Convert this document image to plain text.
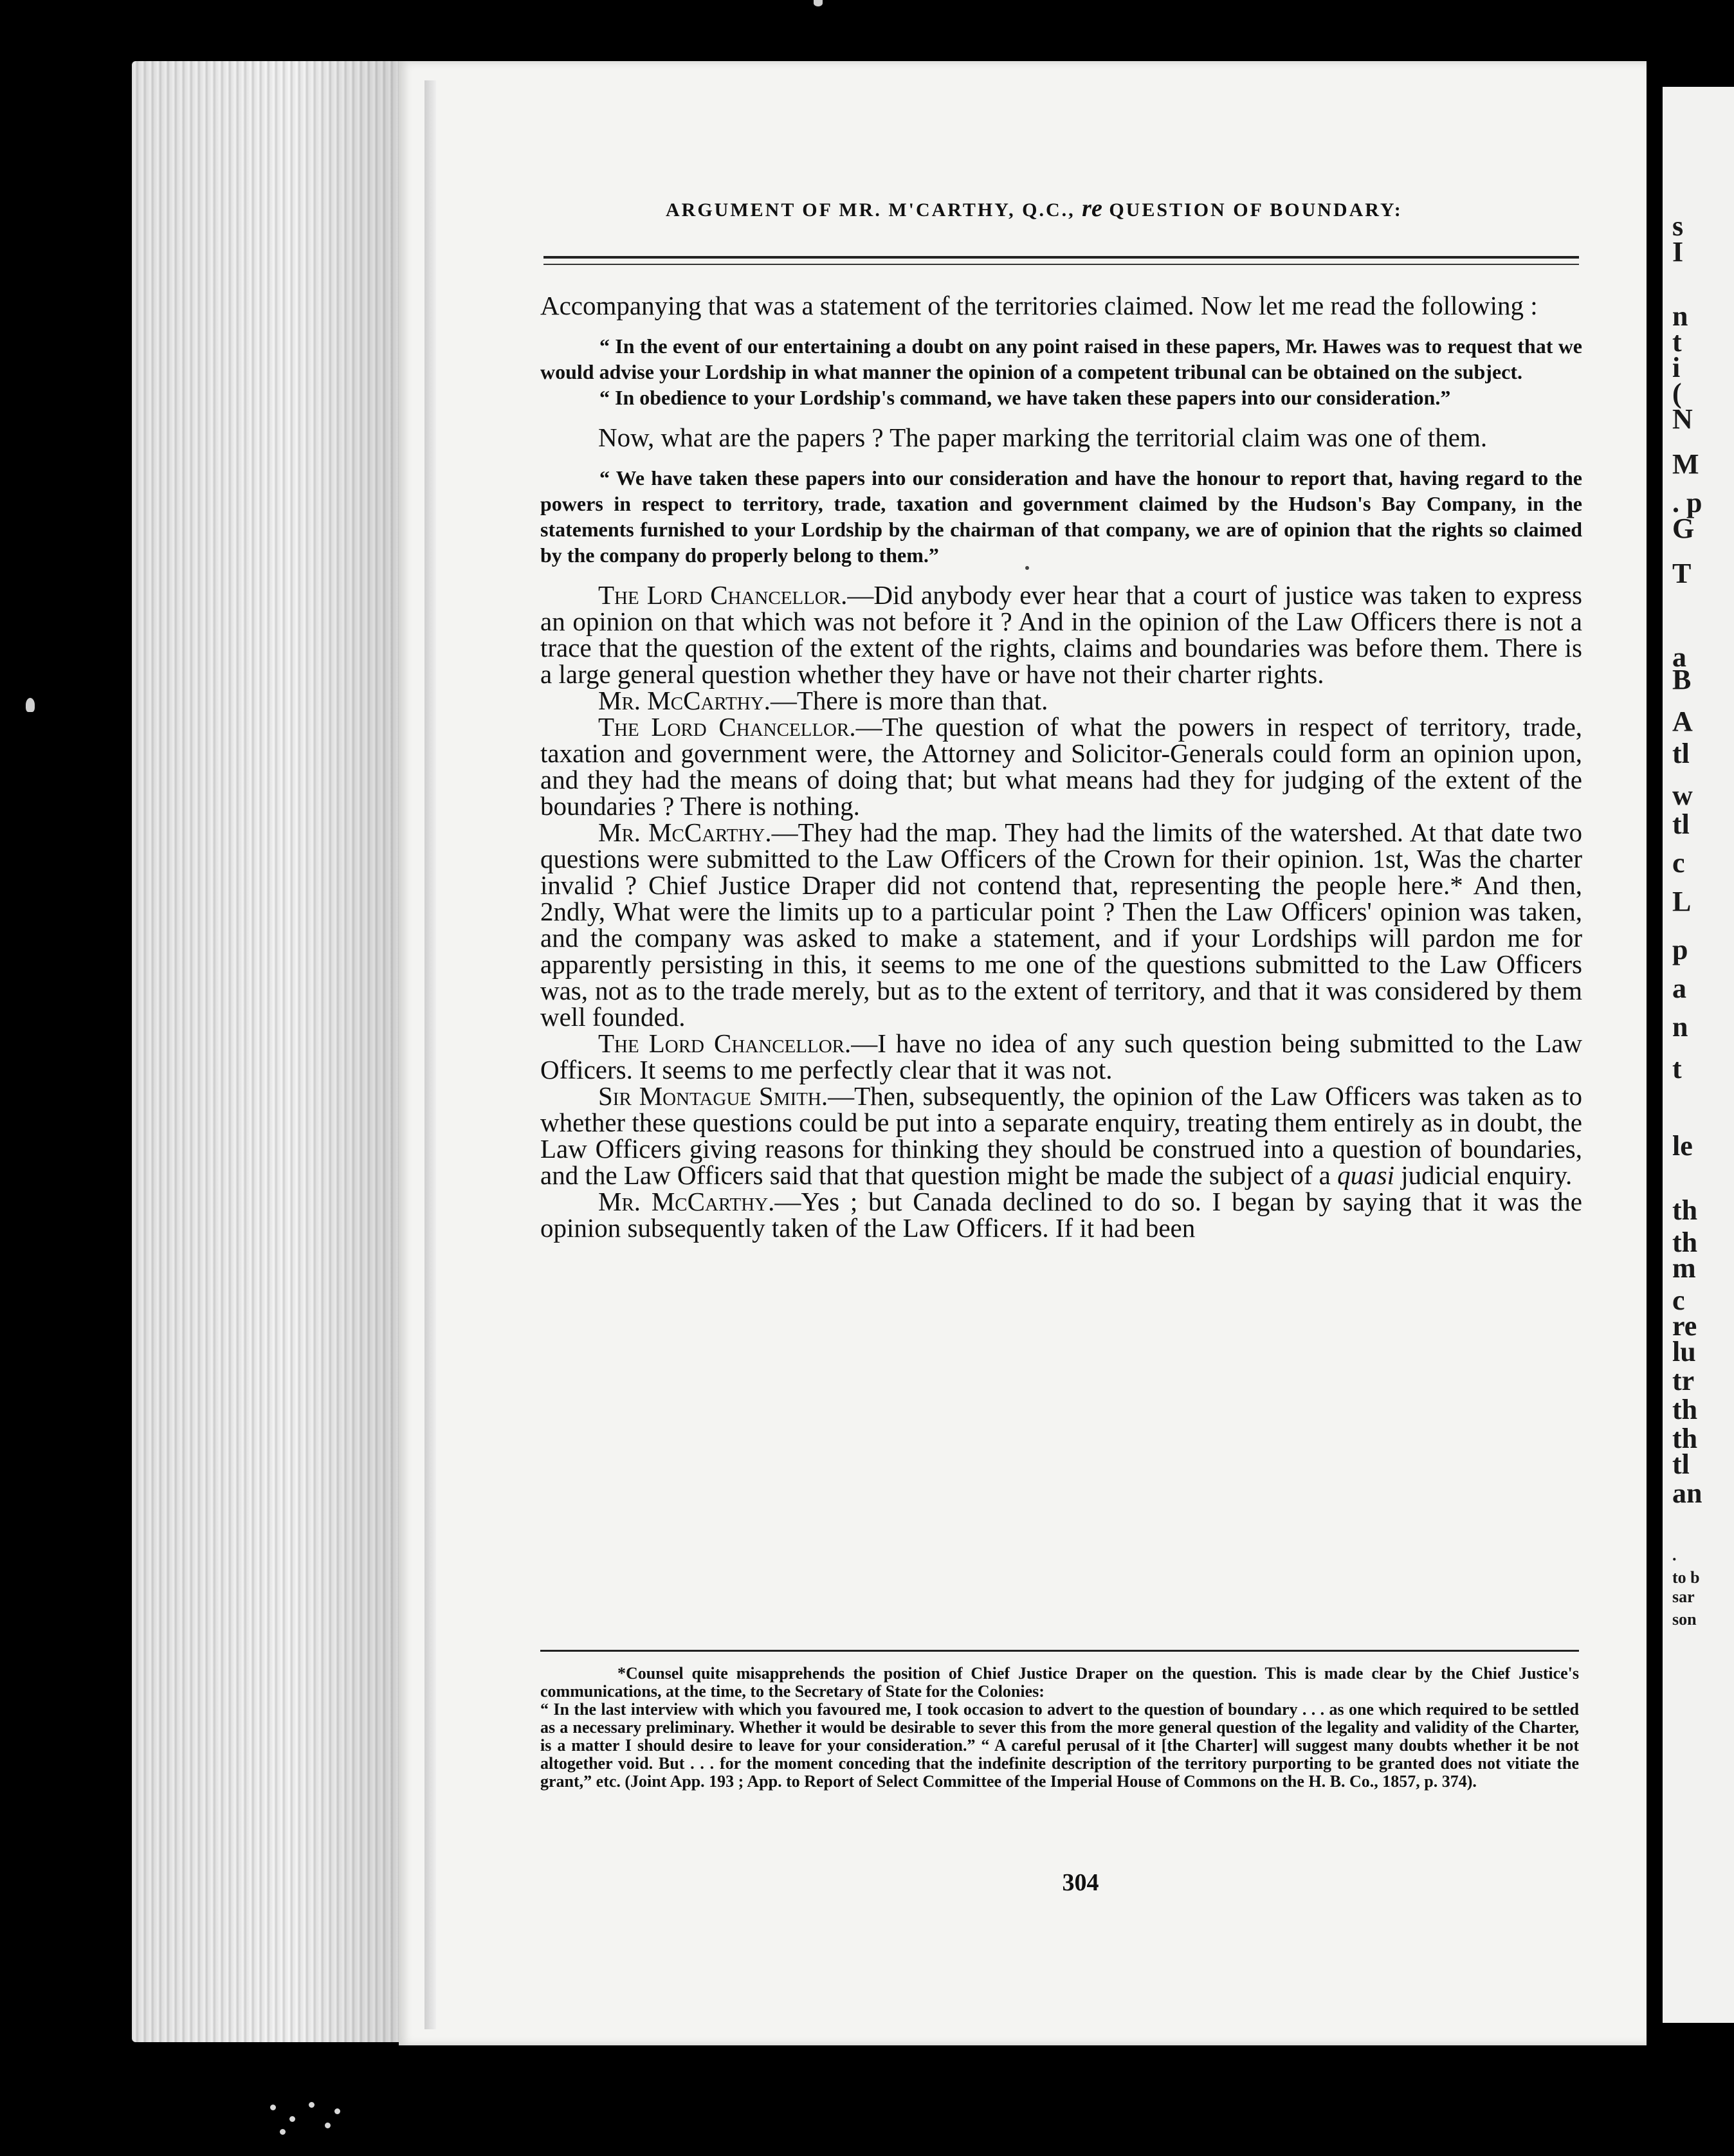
s
I
n
t
i
(
N
M
. p
G
T
a
B
A
tl
w
tl
c
L
p
a
n
t
le
th
th
m
c
re
lu
tr
th
th
tl
an
.
to b
sar
son
ARGUMENT OF MR. M'CARTHY, Q.C., re QUESTION OF BOUNDARY:

Accompanying that was a statement of the territories claimed. Now let me read the following :

“ In the event of our entertaining a doubt on any point raised in these papers, Mr. Hawes was to request that we would advise your Lordship in what manner the opinion of a competent tribunal can be obtained on the subject.

“ In obedience to your Lordship's command, we have taken these papers into our consideration.”

Now, what are the papers ? The paper marking the territorial claim was one of them.

“ We have taken these papers into our consideration and have the honour to report that, having regard to the powers in respect to territory, trade, taxation and government claimed by the Hudson's Bay Company, in the statements furnished to your Lordship by the chairman of that company, we are of opinion that the rights so claimed by the company do properly belong to them.”

The Lord Chancellor.—Did anybody ever hear that a court of justice was taken to express an opinion on that which was not before it ? And in the opinion of the Law Officers there is not a trace that the question of the extent of the rights, claims and boundaries was before them. There is a large general question whether they have or have not their charter rights.

Mr. McCarthy.—There is more than that.

The Lord Chancellor.—The question of what the powers in respect of territory, trade, taxation and government were, the Attorney and Solicitor-Generals could form an opinion upon, and they had the means of doing that; but what means had they for judging of the extent of the boundaries ? There is nothing.

Mr. McCarthy.—They had the map. They had the limits of the watershed. At that date two questions were submitted to the Law Officers of the Crown for their opinion. 1st, Was the charter invalid ? Chief Justice Draper did not contend that, representing the people here.* And then, 2ndly, What were the limits up to a particular point ? Then the Law Officers' opinion was taken, and the company was asked to make a statement, and if your Lordships will pardon me for apparently persisting in this, it seems to me one of the questions submitted to the Law Officers was, not as to the trade merely, but as to the extent of territory, and that it was considered by them well founded.

The Lord Chancellor.—I have no idea of any such question being submitted to the Law Officers. It seems to me perfectly clear that it was not.

Sir Montague Smith.—Then, subsequently, the opinion of the Law Officers was taken as to whether these questions could be put into a separate enquiry, treating them entirely as in doubt, the Law Officers giving reasons for thinking they should be construed into a question of boundaries, and the Law Officers said that that question might be made the subject of a quasi judicial enquiry.

Mr. McCarthy.—Yes ; but Canada declined to do so. I began by saying that it was the opinion subsequently taken of the Law Officers. If it had been

*Counsel quite misapprehends the position of Chief Justice Draper on the question. This is made clear by the Chief Justice's communications, at the time, to the Secretary of State for the Colonies:

“ In the last interview with which you favoured me, I took occasion to advert to the question of boundary . . . as one which required to be settled as a necessary preliminary. Whether it would be desirable to sever this from the more general question of the legality and validity of the Charter, is a matter I should desire to leave for your consideration.” “ A careful perusal of it [the Charter] will suggest many doubts whether it be not altogether void. But . . . for the moment conceding that the indefinite description of the territory purporting to be granted does not vitiate the grant,” etc. (Joint App. 193 ; App. to Report of Select Committee of the Imperial House of Commons on the H. B. Co., 1857, p. 374).

304
